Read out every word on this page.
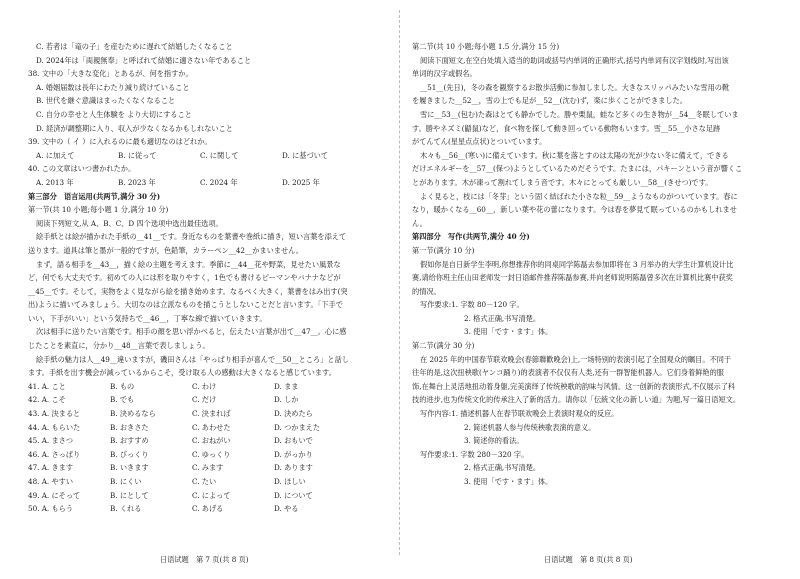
C. 若者は「竜の子」を産むために遅れて結婚したくなること
D. 2024年は「両親無奉」と呼ばれて結婚に適さない年であること
38. 文中の「大きな変化」とあるが、何を指すか。
A. 婚姻届数は長年にわたり減り続けていること
B. 世代を継ぐ意識はまったくなくなること
C. 自分の幸せと人生体験を より大切にすること
D. 経済が調整期に入り、収入が少なくなるかもしれないこと
39. 文中の（ イ ）に入れるのに最も適切なのはどれか。
A. に加えて	B. に従って	C. に関して	D. に基づいて
40. この文章はいつ書かれたか。
A. 2013 年	B. 2023 年	C. 2024 年	D. 2025 年
第三部分　语言运用(共两节,满分 30 分)
第一节(共 10 小题;每小题 1 分,满分 10 分)
阅读下列短文,从 A、B、C、D 四个选项中选出最佳选项。
絵手紙とは絵が描かれた手紙の__41__です。身近なものを葉書や巻紙に描き，短い言葉を添えて
送ります。道具は筆と墨が一般的ですが，色鉛筆，カラーペン__42__かまいません。
まず，語る相手を__43__，描く絵の主題を考えます。季節に__44__花や野菜，見せたい風景な
ど，何でも大丈夫です。初めての人には形を取りやすく，1色でも書けるピーマンやバナナなどが
__45__です。そして，実物をよく見ながら絵を描き始めます。なるべく大きく，葉書をはみ出す(突
出)ように描いてみましょう。大切なのは立派なものを描こうとしないことだと言います。「下手で
いい，下手がいい」という気持ちで__46__，丁寧な線で描いていきます。
次は相手に送りたい言葉です。相手の顔を思い浮かべると，伝えたい言葉が出て__47__。心に感
じたことを素直に，分かり__48__言葉で表しましょう。
絵手紙の魅力は人__49__違いますが，磯田さんは「やっぱり相手が喜んで__50__ところ」と話し
ます。手紙を出す機会が減っているからこそ，受け取る人の感動は大きくなると感じています。
41. A. こと	B. もの	C. わけ	D. まま
42. A. こそ	B. でも	C. だけ	D. しか
43. A. 決まると	B. 決めるなら	C. 決まれば	D. 決めたら
44. A. もらいた	B. おきさた	C. あわせた	D. つかまえた
45. A. まさつ	B. おすすめ	C. おねがい	D. おもいで
46. A. さっぱり	B. びっくり	C. ゆっくり	D. がっかり
47. A. きます	B. いきます	C. みます	D. あります
48. A. やすい	B. にくい	C. たい	D. ほしい
49. A. にそって	B. にとして	C. によって	D. について
50. A. もらう	B. くれる	C. あげる	D. やる
日语试题　第 7 页(共 8 页)
第二节(共 10 小题;每小题 1.5 分,满分 15 分)
阅读下面短文,在空白处填入适当的助词或括号内单词的正确形式,括号内单词有汉字划线时,写出该
单词的汉字或假名。
__51__(先日)，冬の森を観察するお散歩活動に参加しました。大きなスリッパみたいな雪用の靴
を履きました__52__，雪の上でも足が__52__(沈む)ず，楽に歩くことができました。
雪に__53__(包む)た森はとても静かでした。勝や栗鼠，蛙など多くの生き物が__54__冬眠していま
す。勝やネズミ(鼯鼠)など，食べ物を探して動き回っている動物もいます。雪__55__小さな足跡
がてんてん(星星点点状)とついています。
木々も__56__(寒い)に備えています。秋に葉を落とすのは太陽の光が少ない冬に備えて，できる
だけエネルギーを__57__(保つ)ようとしているためだそうです。たまには，パキーンという音が響くこ
とがあります。木が凍って割れてしまう音です。木々にとっても厳しい__58__(きせつ)です。
よく見ると，枝には「冬芽」という固く結ばれた小さな粒__59__ようなものがついています。春に
なり，暖かくなる__60__，新しい葉や花の蕾になります。今は春を夢見て眠っているのかもしれませ
ん。
第四部分　写作(共两节,满分 40 分)
第一节(满分 10 分)
假如你是自日新学生李明,你想推荐你的同桌同学陈磊去参加即将在 3 月举办的大学生计算机设计比
赛,请给你班主任山田老师发一封日语邮件推荐陈磊参赛,并向老师说明陈磊曾多次在计算机比赛中获奖
的情况。
写作要求:1. 字数 80－120 字。
2. 格式正确,书写清楚。
3. 使用「です・ます」体。
第二节(满分 30 分)
在 2025 年的中国春节联欢晚会(春節聯歡晚会)上,一场特别的表演引起了全国观众的瞩目。不同于
往年的是,这次扭秧歌(ヤンコ踊り)的表演者不仅仅有人类,还有一群智能机器人。它们身着鲜艳的服
饰,在舞台上灵活地扭动着身躯,完美演绎了传统秧歌的韵味与风情。这一创新的表演形式,不仅展示了科
技的进步,也为传统文化的传承注入了新的活力。请你以「伝統文化の新しい道」为题,写一篇日语短文。
写作内容:1. 描述机器人在春节联欢晚会上表演时观众的反应。
2. 简述机器人参与传统秧歌表演的意义。
3. 简述你的看法。
写作要求:1. 字数 280－320 字。
2. 格式正确,书写清楚。
3. 使用「です・ます」体。
日语试题　第 8 页(共 8 页)
